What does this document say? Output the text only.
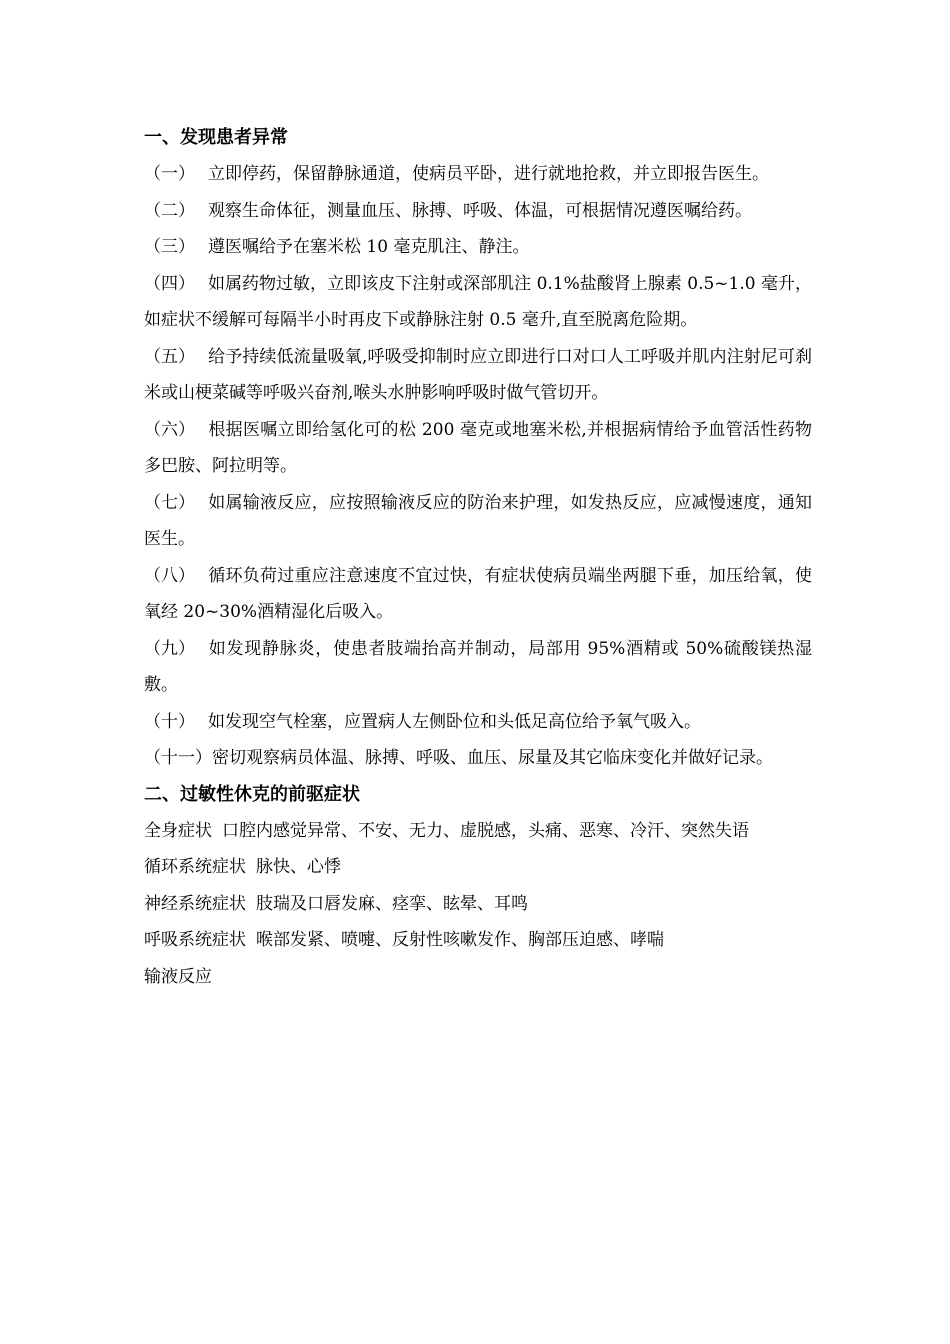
一、发现患者异常

（一） 立即停药，保留静脉通道，使病员平卧，进行就地抢救，并立即报告医生。

（二） 观察生命体征，测量血压、脉搏、呼吸、体温，可根据情况遵医嘱给药。

（三） 遵医嘱给予在塞米松 10 毫克肌注、静注。

（四） 如属药物过敏，立即该皮下注射或深部肌注 0.1%盐酸肾上腺素 0.5~1.0 毫升，如症状不缓解可每隔半小时再皮下或静脉注射 0.5 毫升,直至脱离危险期。

（五） 给予持续低流量吸氧,呼吸受抑制时应立即进行口对口人工呼吸并肌内注射尼可刹米或山梗菜碱等呼吸兴奋剂,喉头水肿影响呼吸时做气管切开。

（六） 根据医嘱立即给氢化可的松 200 毫克或地塞米松,并根据病情给予血管活性药物多巴胺、阿拉明等。

（七） 如属输液反应，应按照输液反应的防治来护理，如发热反应，应减慢速度，通知医生。

（八） 循环负荷过重应注意速度不宜过快，有症状使病员端坐两腿下垂，加压给氧，使氧经 20~30%酒精湿化后吸入。

（九） 如发现静脉炎，使患者肢端抬高并制动，局部用 95%酒精或 50%硫酸镁热湿敷。

（十） 如发现空气栓塞，应置病人左侧卧位和头低足高位给予氧气吸入。

（十一）密切观察病员体温、脉搏、呼吸、血压、尿量及其它临床变化并做好记录。

二、过敏性休克的前驱症状

全身症状 口腔内感觉异常、不安、无力、虚脱感，头痛、恶寒、冷汗、突然失语

循环系统症状 脉快、心悸

神经系统症状 肢瑞及口唇发麻、痉挛、眩晕、耳鸣

呼吸系统症状 喉部发紧、喷嚏、反射性咳嗽发作、胸部压迫感、哮喘

输液反应
